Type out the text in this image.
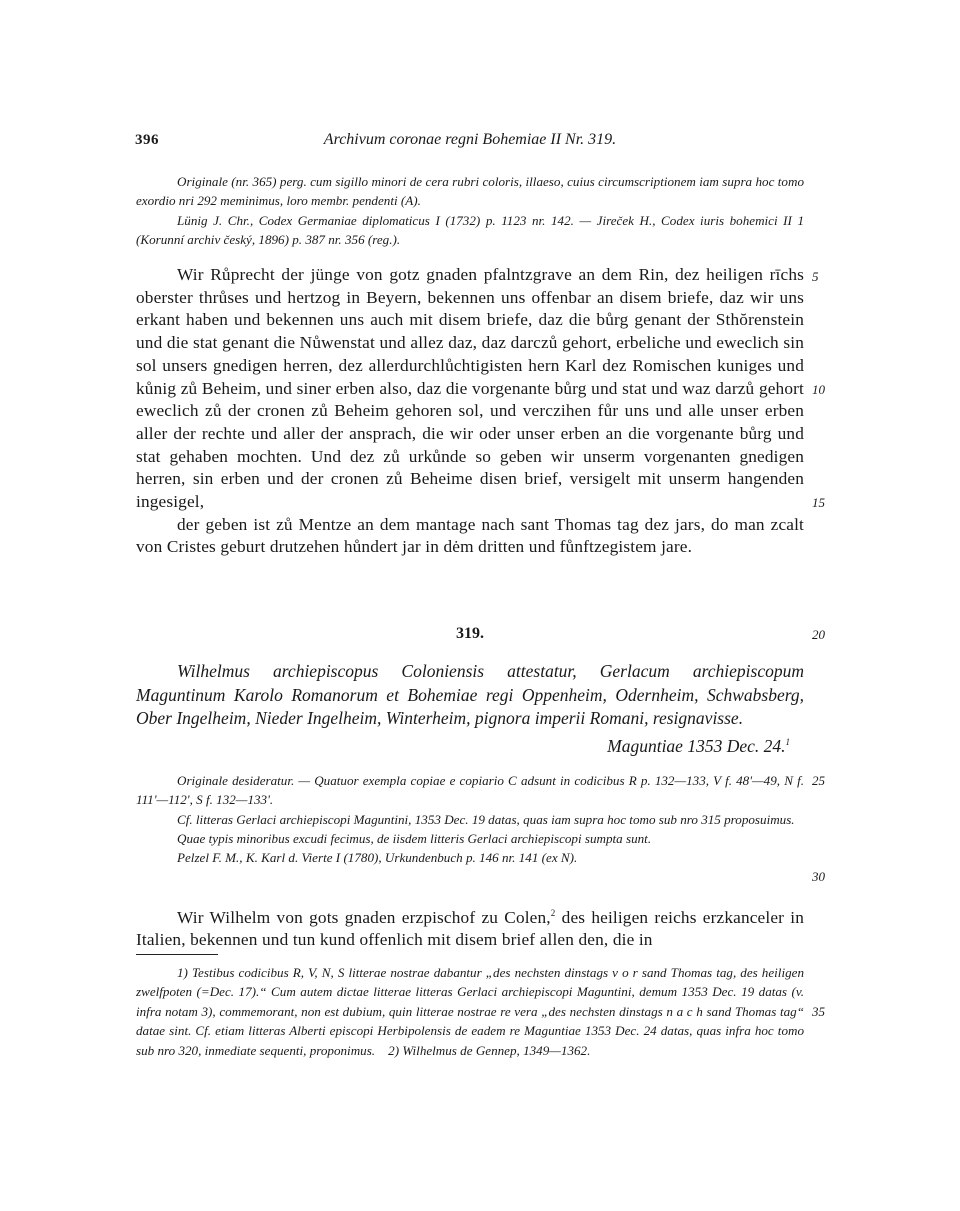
396	Archivum coronae regni Bohemiae II Nr. 319.

Originale (nr. 365) perg. cum sigillo minori de cera rubri coloris, illaeso, cuius circumscriptionem iam supra hoc tomo exordio nri 292 meminimus, loro membr. pendenti (A).

Lünig J. Chr., Codex Germaniae diplomaticus I (1732) p. 1123 nr. 142. — Jireček H., Codex iuris bohemici II 1 (Korunní archiv český, 1896) p. 387 nr. 356 (reg.).

Wir Růprecht der jünge von gotz gnaden pfalntzgrave an dem Rin, dez heiligen rīchs oberster thrůses und hertzog in Beyern, bekennen uns offenbar an disem briefe, daz wir uns erkant haben und bekennen uns auch mit disem briefe, daz die bůrg genant der Sthŏrenstein und die stat genant die Nůwenstat und allez daz, daz darczů gehort, erbeliche und eweclich sin sol unsers gnedigen herren, dez allerdurchlůchtigisten hern Karl dez Romischen kuniges und kůnig zů Beheim, und siner erben also, daz die vorgenante bůrg und stat und waz darzů gehort eweclich zů der cronen zů Beheim gehoren sol, und verczihen fůr uns und alle unser erben aller der rechte und aller der ansprach, die wir oder unser erben an die vorgenante bůrg und stat gehaben mochten. Und dez zů urkůnde so geben wir unserm vorgenanten gnedigen herren, sin erben und der cronen zů Beheime disen brief, versigelt mit unserm hangenden ingesigel,

der geben ist zů Mentze an dem mantage nach sant Thomas tag dez jars, do man zcalt von Cristes geburt drutzehen hůndert jar in dėm dritten und fůnftzegistem jare.

5
10
15
20
25
30
35
319.

Wilhelmus archiepiscopus Coloniensis attestatur, Gerlacum archiepiscopum Maguntinum Karolo Romanorum et Bohemiae regi Oppenheim, Odernheim, Schwabsberg, Ober Ingelheim, Nieder Ingelheim, Winterheim, pignora imperii Romani, resignavisse.

Maguntiae 1353 Dec. 24.$^1$

Originale desideratur. — Quatuor exempla copiae e copiario C adsunt in codicibus R p. 132—133, V f. 48'—49, N f. 111'—112', S f. 132—133'.

Cf. litteras Gerlaci archiepiscopi Maguntini, 1353 Dec. 19 datas, quas iam supra hoc tomo sub nro 315 proposuimus.

Quae typis minoribus excudi fecimus, de iisdem litteris Gerlaci archiepiscopi sumpta sunt.

Pelzel F. M., K. Karl d. Vierte I (1780), Urkundenbuch p. 146 nr. 141 (ex N).

Wir Wilhelm von gots gnaden erzpischof zu Colen,$^2$ des heiligen reichs erzkanceler in Italien, bekennen und tun kund offenlich mit disem brief allen den, die in

1) Testibus codicibus R, V, N, S litterae nostrae dabantur „des nechsten dinstags v o r sand Thomas tag, des heiligen zwelfpoten (=Dec. 17).“ Cum autem dictae litterae litteras Gerlaci archiepiscopi Maguntini, demum 1353 Dec. 19 datas (v. infra notam 3), commemorant, non est dubium, quin litterae nostrae re vera „des nechsten dinstags n a c h sand Thomas tag“ datae sint. Cf. etiam litteras Alberti episcopi Herbipolensis de eadem re Maguntiae 1353 Dec. 24 datas, quas infra hoc tomo sub nro 320, inmediate sequenti, proponimus. 2) Wilhelmus de Gennep, 1349—1362.
